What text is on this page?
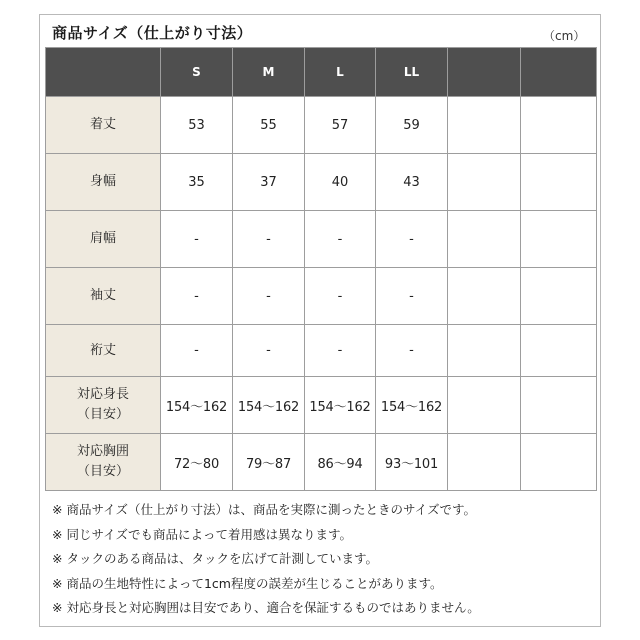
商品サイズ（仕上がり寸法）	（cm）
	S	M	L	LL		
着丈	53	55	57	59		
身幅	35	37	40	43		
肩幅	-	-	-	-		
袖丈	-	-	-	-		
裄丈	-	-	-	-		
対応身長
（目安）	154～162	154～162	154～162	154～162		
対応胸囲
（目安）	72～80	79～87	86～94	93～101		
※ 商品サイズ（仕上がり寸法）は、商品を実際に測ったときのサイズです。
※ 同じサイズでも商品によって着用感は異なります。
※ タックのある商品は、タックを広げて計測しています。
※ 商品の生地特性によって1cm程度の誤差が生じることがあります。
※ 対応身長と対応胸囲は目安であり、適合を保証するものではありません。
